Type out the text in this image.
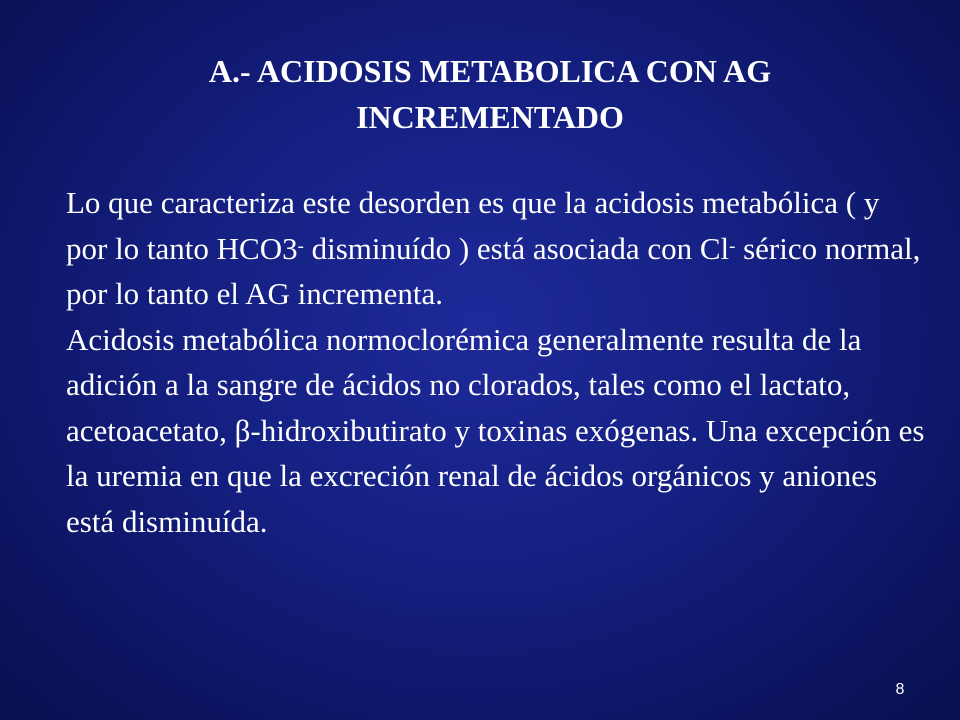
A.- ACIDOSIS METABOLICA CON AG
INCREMENTADO

Lo que caracteriza este desorden es que la acidosis metabólica ( y por lo tanto HCO3- disminuído ) está asociada con Cl- sérico normal, por lo tanto el AG incrementa.

Acidosis metabólica normoclorémica generalmente resulta de la adición a la sangre de ácidos no clorados, tales como el lactato, acetoacetato, β-hidroxibutirato y toxinas exógenas. Una excepción es la uremia en que la excreción renal de ácidos orgánicos y aniones está disminuída.

8
